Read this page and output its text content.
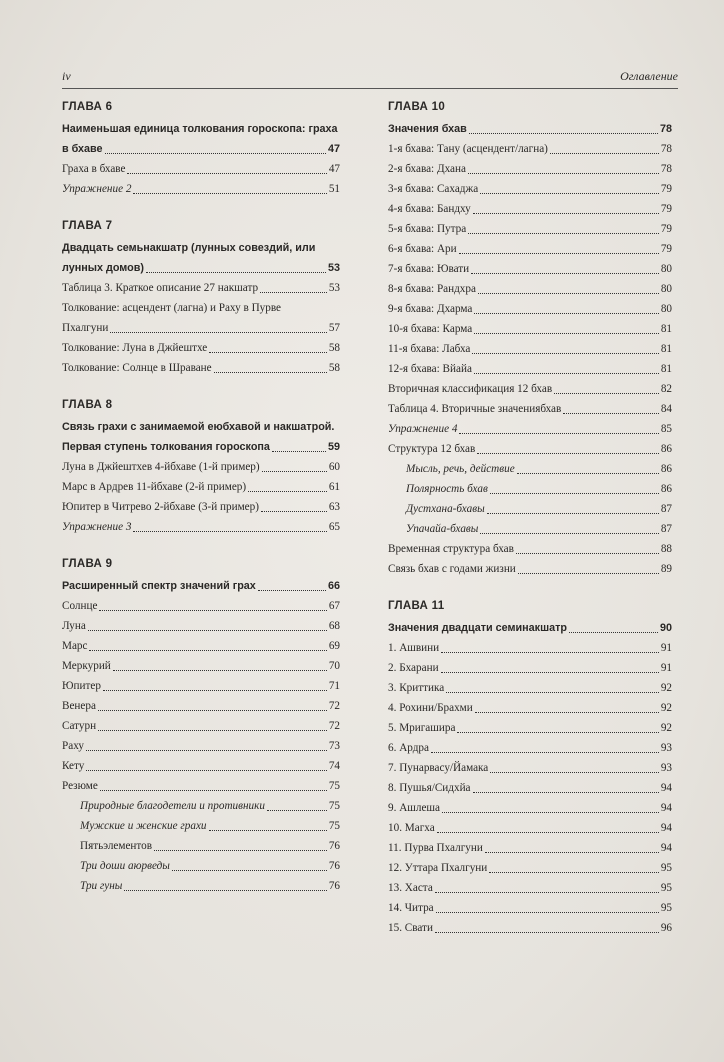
iv	Оглавление
ГЛАВА 6
Наименьшая единица толкования гороскопа: граха
в бхаве	47
Граха в бхаве	47
Упражнение 2	51
ГЛАВА 7
Двадцать семьнакшатр (лунных совездий, или
лунных домов)	53
Таблица 3. Краткое описание 27 накшатр	53
Толкование: асцендент (лагна) и Раху в Пурве
Пхалгуни	57
Толкование: Луна в Джйештхе	58
Толкование: Солнце в Шраване	58
ГЛАВА 8
Связь грахи с занимаемой еюбхавой и накшатрой.
Первая ступень толкования гороскопа	59
Луна в Джйештхев 4-йбхаве (1-й пример)	60
Марс в Ардрев 11-йбхаве (2-й пример)	61
Юпитер в Читрево 2-йбхаве (3-й пример)	63
Упражнение 3	65
ГЛАВА 9
Расширенный спектр значений грах	66
Солнце	67
Луна	68
Марс	69
Меркурий	70
Юпитер	71
Венера	72
Сатурн	72
Раху	73
Кету	74
Резюме	75
Природные благодетели и противники	75
Мужские и женские грахи	75
Пятьэлементов	76
Три доши аюрведы	76
Три гуны	76
ГЛАВА 10
Значения бхав	78
1-я бхава: Тану (асцендент/лагна)	78
2-я бхава: Дхана	78
3-я бхава: Сахаджа	79
4-я бхава: Бандху	79
5-я бхава: Путра	79
6-я бхава: Ари	79
7-я бхава: Ювати	80
8-я бхава: Рандхра	80
9-я бхава: Дхарма	80
10-я бхава: Карма	81
11-я бхава: Лабха	81
12-я бхава: Вйайа	81
Вторичная классификация 12 бхав	82
Таблица 4. Вторичные значениябхав	84
Упражнение 4	85
Структура 12 бхав	86
Мысль, речь, действие	86
Полярность бхав	86
Дустхана-бхавы	87
Упачайа-бхавы	87
Временная структура бхав	88
Связь бхав с годами жизни	89
ГЛАВА 11
Значения двадцати семинакшатр	90
1. Ашвини	91
2. Бхарани	91
3. Криттика	92
4. Рохини/Брахми	92
5. Мригашира	92
6. Ардра	93
7. Пунарвасу/Йамака	93
8. Пушья/Сидхйа	94
9. Ашлеша	94
10. Магха	94
11. Пурва Пхалгуни	94
12. Уттара Пхалгуни	95
13. Хаста	95
14. Читра	95
15. Свати	96
